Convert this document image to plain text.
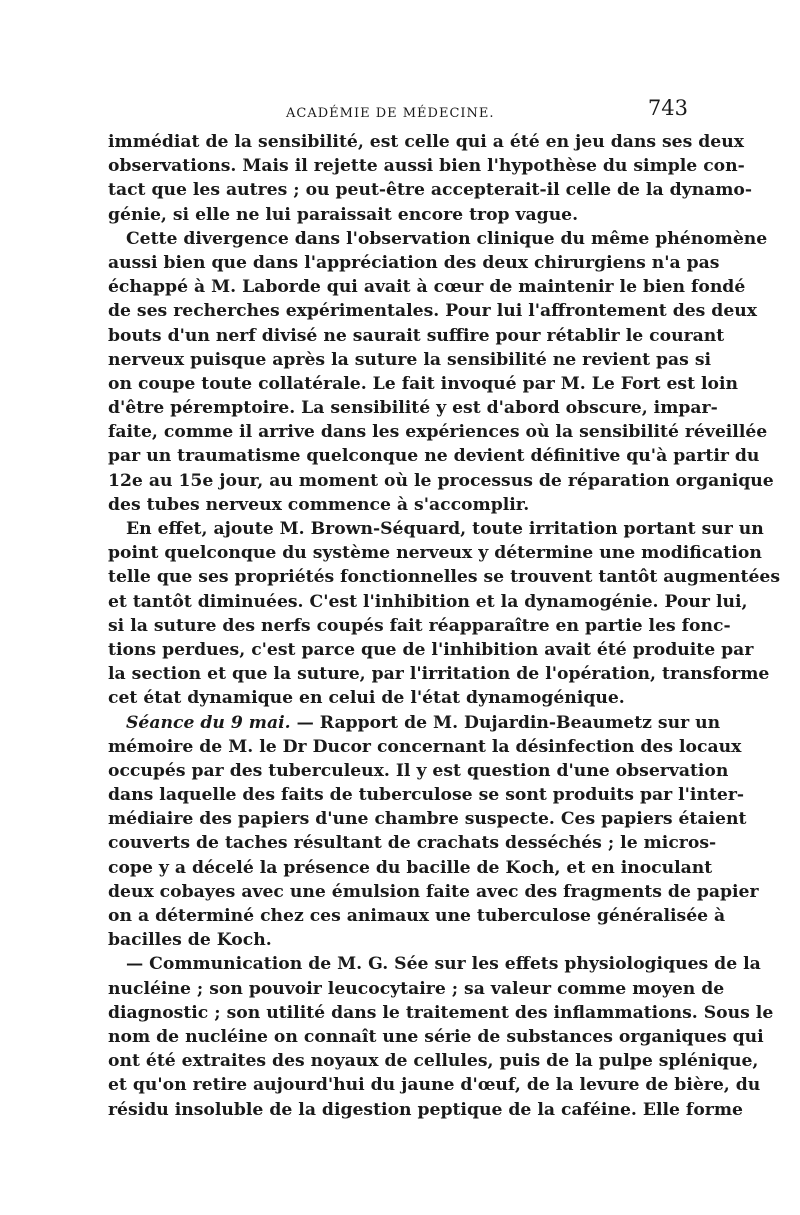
ACADÉMIE DE MÉDECINE.	743
immédiat de la sensibilité, est celle qui a été en jeu dans ses deux
observations. Mais il rejette aussi bien l'hypothèse du simple con-
tact que les autres ; ou peut-être accepterait-il celle de la dynamo-
génie, si elle ne lui paraissait encore trop vague.
Cette divergence dans l'observation clinique du même phénomène
aussi bien que dans l'appréciation des deux chirurgiens n'a pas
échappé à M. Laborde qui avait à cœur de maintenir le bien fondé
de ses recherches expérimentales. Pour lui l'affrontement des deux
bouts d'un nerf divisé ne saurait suffire pour rétablir le courant
nerveux puisque après la suture la sensibilité ne revient pas si
on coupe toute collatérale. Le fait invoqué par M. Le Fort est loin
d'être péremptoire. La sensibilité y est d'abord obscure, impar-
faite, comme il arrive dans les expériences où la sensibilité réveillée
par un traumatisme quelconque ne devient définitive qu'à partir du
12e au 15e jour, au moment où le processus de réparation organique
des tubes nerveux commence à s'accomplir.
En effet, ajoute M. Brown-Séquard, toute irritation portant sur un
point quelconque du système nerveux y détermine une modification
telle que ses propriétés fonctionnelles se trouvent tantôt augmentées
et tantôt diminuées. C'est l'inhibition et la dynamogénie. Pour lui,
si la suture des nerfs coupés fait réapparaître en partie les fonc-
tions perdues, c'est parce que de l'inhibition avait été produite par
la section et que la suture, par l'irritation de l'opération, transforme
cet état dynamique en celui de l'état dynamogénique.
Séance du 9 mai. — Rapport de M. Dujardin-Beaumetz sur un
mémoire de M. le Dr Ducor concernant la désinfection des locaux
occupés par des tuberculeux. Il y est question d'une observation
dans laquelle des faits de tuberculose se sont produits par l'inter-
médiaire des papiers d'une chambre suspecte. Ces papiers étaient
couverts de taches résultant de crachats desséchés ; le micros-
cope y a décelé la présence du bacille de Koch, et en inoculant
deux cobayes avec une émulsion faite avec des fragments de papier
on a déterminé chez ces animaux une tuberculose généralisée à
bacilles de Koch.
— Communication de M. G. Sée sur les effets physiologiques de la
nucléine ; son pouvoir leucocytaire ; sa valeur comme moyen de
diagnostic ; son utilité dans le traitement des inflammations. Sous le
nom de nucléine on connaît une série de substances organiques qui
ont été extraites des noyaux de cellules, puis de la pulpe splénique,
et qu'on retire aujourd'hui du jaune d'œuf, de la levure de bière, du
résidu insoluble de la digestion peptique de la caféine. Elle forme
